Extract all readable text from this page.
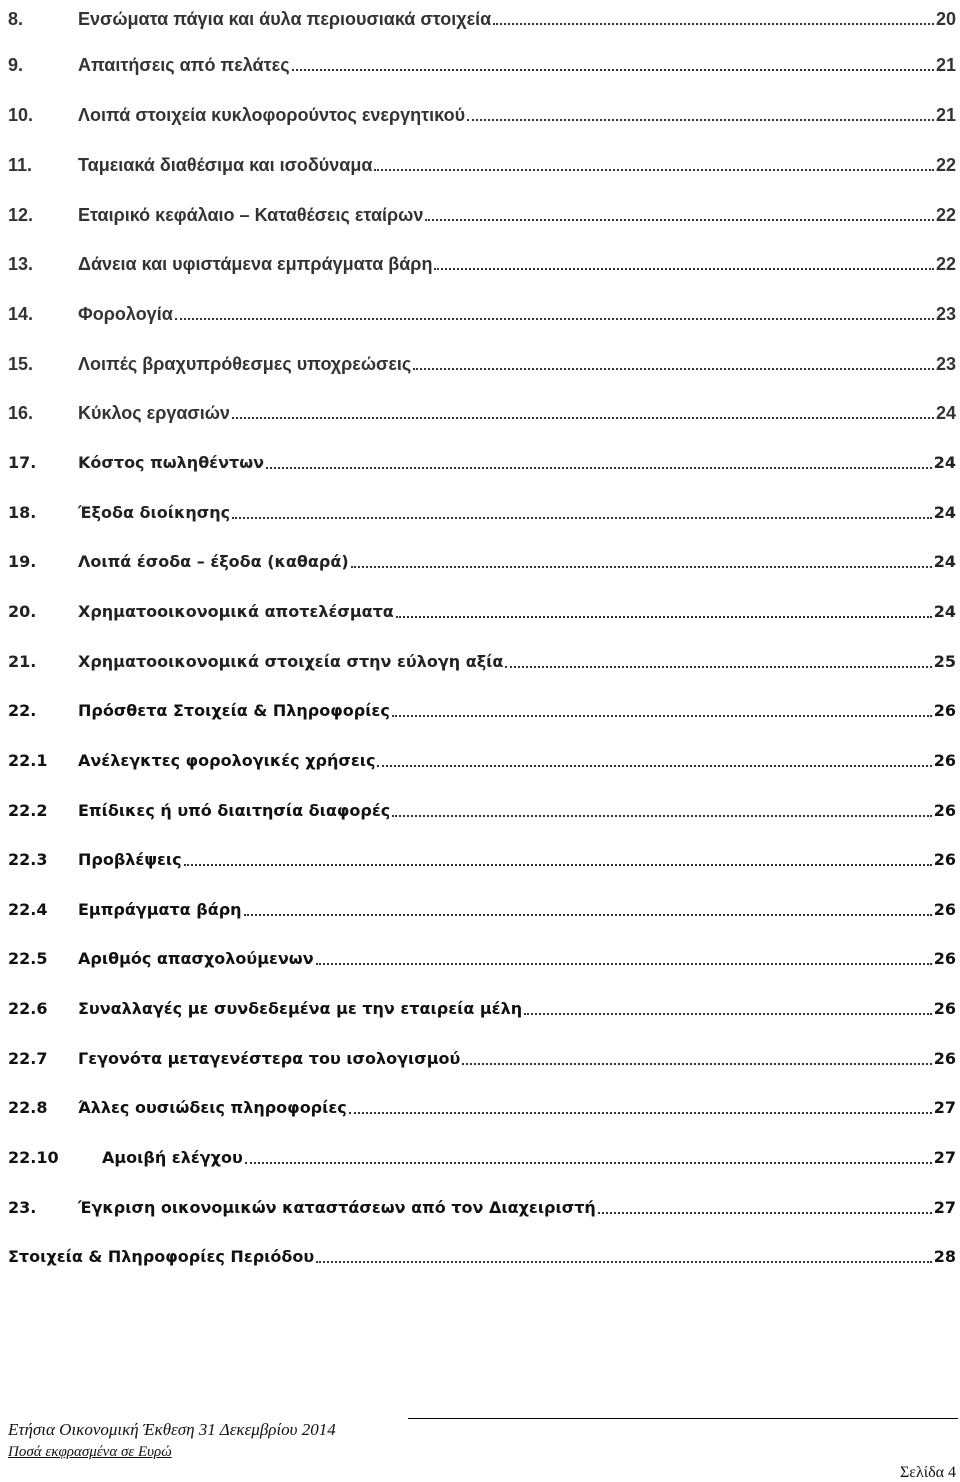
8.	Ενσώματα πάγια και άυλα περιουσιακά στοιχεία	20
9.	Απαιτήσεις από πελάτες	21
10.	Λοιπά στοιχεία κυκλοφορούντος ενεργητικού	21
11.	Ταμειακά διαθέσιμα και ισοδύναμα	22
12.	Εταιρικό κεφάλαιο – Καταθέσεις εταίρων	22
13.	Δάνεια και υφιστάμενα εμπράγματα βάρη	22
14.	Φορολογία	23
15.	Λοιπές βραχυπρόθεσμες υποχρεώσεις	23
16.	Κύκλος εργασιών	24
17.	Κόστος πωληθέντων	24
18.	Έξοδα διοίκησης	24
19.	Λοιπά έσοδα – έξοδα (καθαρά)	24
20.	Χρηματοοικονομικά αποτελέσματα	24
21.	Χρηματοοικονομικά στοιχεία στην εύλογη αξία	25
22.	Πρόσθετα Στοιχεία & Πληροφορίες	26
22.1	Ανέλεγκτες φορολογικές χρήσεις	26
22.2	Επίδικες ή υπό διαιτησία διαφορές	26
22.3	Προβλέψεις	26
22.4	Εμπράγματα βάρη	26
22.5	Αριθμός απασχολούμενων	26
22.6	Συναλλαγές με συνδεδεμένα με την εταιρεία μέλη	26
22.7	Γεγονότα μεταγενέστερα του ισολογισμού	26
22.8	Άλλες ουσιώδεις πληροφορίες	27
22.10	Αμοιβή ελέγχου	27
23.	Έγκριση οικονομικών καταστάσεων από τον Διαχειριστή	27
Στοιχεία & Πληροφορίες Περιόδου	28
Ετήσια Οικονομική Έκθεση 31 Δεκεμβρίου 2014
Ποσά εκφρασμένα σε Ευρώ
Σελίδα 4
